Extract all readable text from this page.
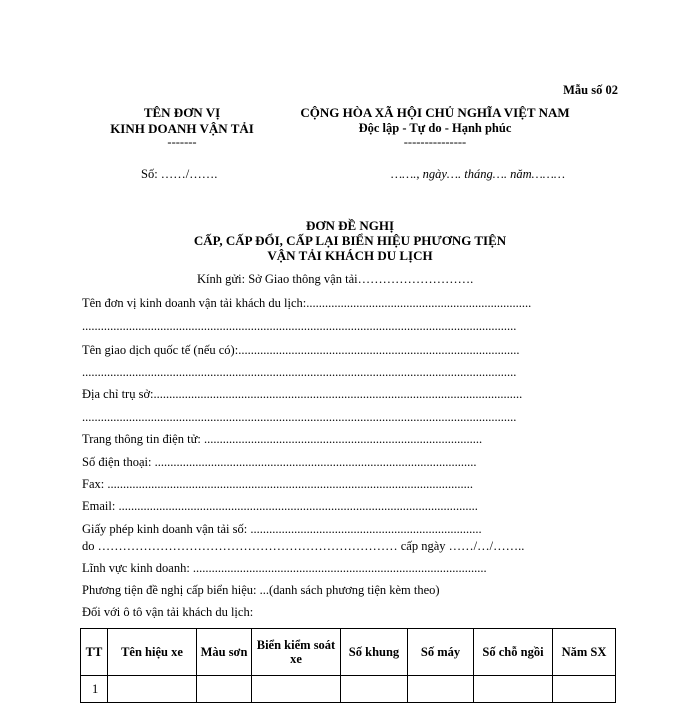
Mẫu số 02
TÊN ĐƠN VỊ
KINH DOANH VẬN TẢI
-------
CỘNG HÒA XÃ HỘI CHỦ NGHĨA VIỆT NAM
Độc lập - Tự do - Hạnh phúc
---------------
Số: ……/…….	……., ngày…. tháng…. năm………
ĐƠN ĐỀ NGHỊ
CẤP, CẤP ĐỔI, CẤP LẠI BIỂN HIỆU PHƯƠNG TIỆN
VẬN TẢI KHÁCH DU LỊCH
Kính gửi: Sở Giao thông vận tải……………………….
Tên đơn vị kinh doanh vận tải khách du lịch:........................................................................
...........................................................................................................................................
Tên giao dịch quốc tế (nếu có):..........................................................................................
...........................................................................................................................................
Địa chỉ trụ sở:......................................................................................................................
...........................................................................................................................................
Trang thông tin điện tử: .........................................................................................
Số điện thoại: .......................................................................................................
Fax: .....................................................................................................................
Email: ...................................................................................................................
Giấy phép kinh doanh vận tải số: ..........................................................................
do ……………………………………………………………… cấp ngày ……/…/……..
Lĩnh vực kinh doanh: ..............................................................................................
Phương tiện đề nghị cấp biển hiệu: ...(danh sách phương tiện kèm theo)
Đối với ô tô vận tải khách du lịch:
TT	Tên hiệu xe	Màu sơn	Biển kiểm soát xe	Số khung	Số máy	Số chỗ ngồi	Năm SX
1							
